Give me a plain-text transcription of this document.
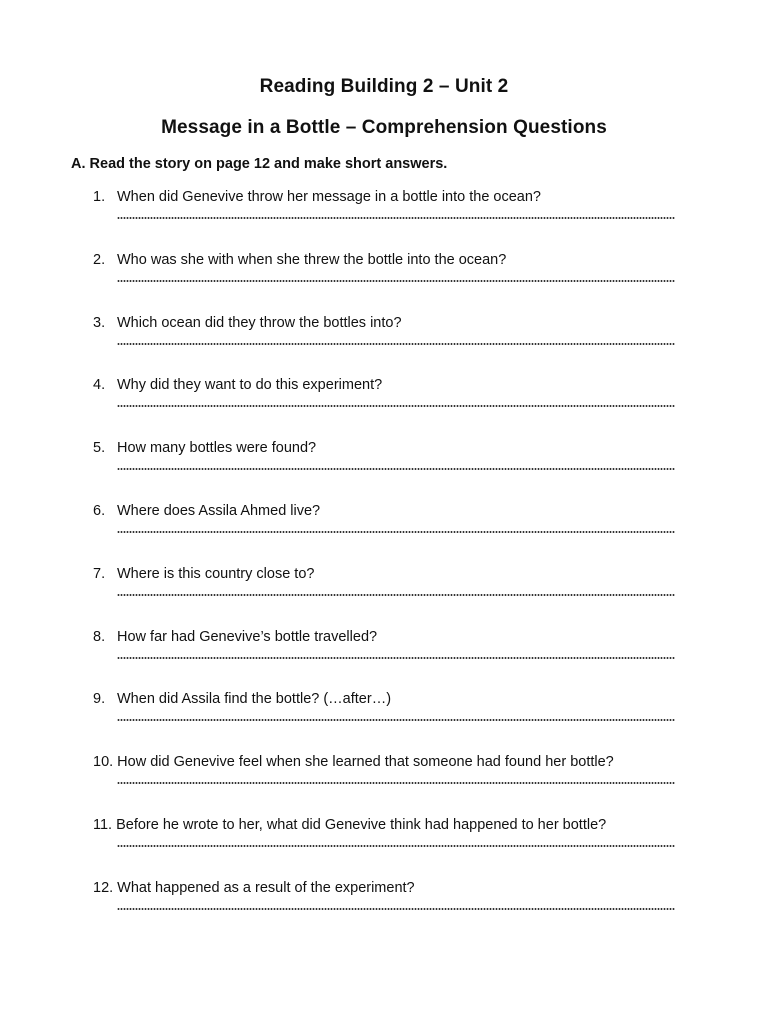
Reading Building 2 – Unit 2
Message in a Bottle – Comprehension Questions
A. Read the story on page 12 and make short answers.
1. When did Genevive throw her message in a bottle into the ocean?
2. Who was she with when she threw the bottle into the ocean?
3. Which ocean did they throw the bottles into?
4. Why did they want to do this experiment?
5. How many bottles were found?
6. Where does Assila Ahmed live?
7. Where is this country close to?
8. How far had Genevive’s bottle travelled?
9. When did Assila find the bottle? (…after…)
10. How did Genevive feel when she learned that someone had found her bottle?
11. Before he wrote to her, what did Genevive think had happened to her bottle?
12. What happened as a result of the experiment?
